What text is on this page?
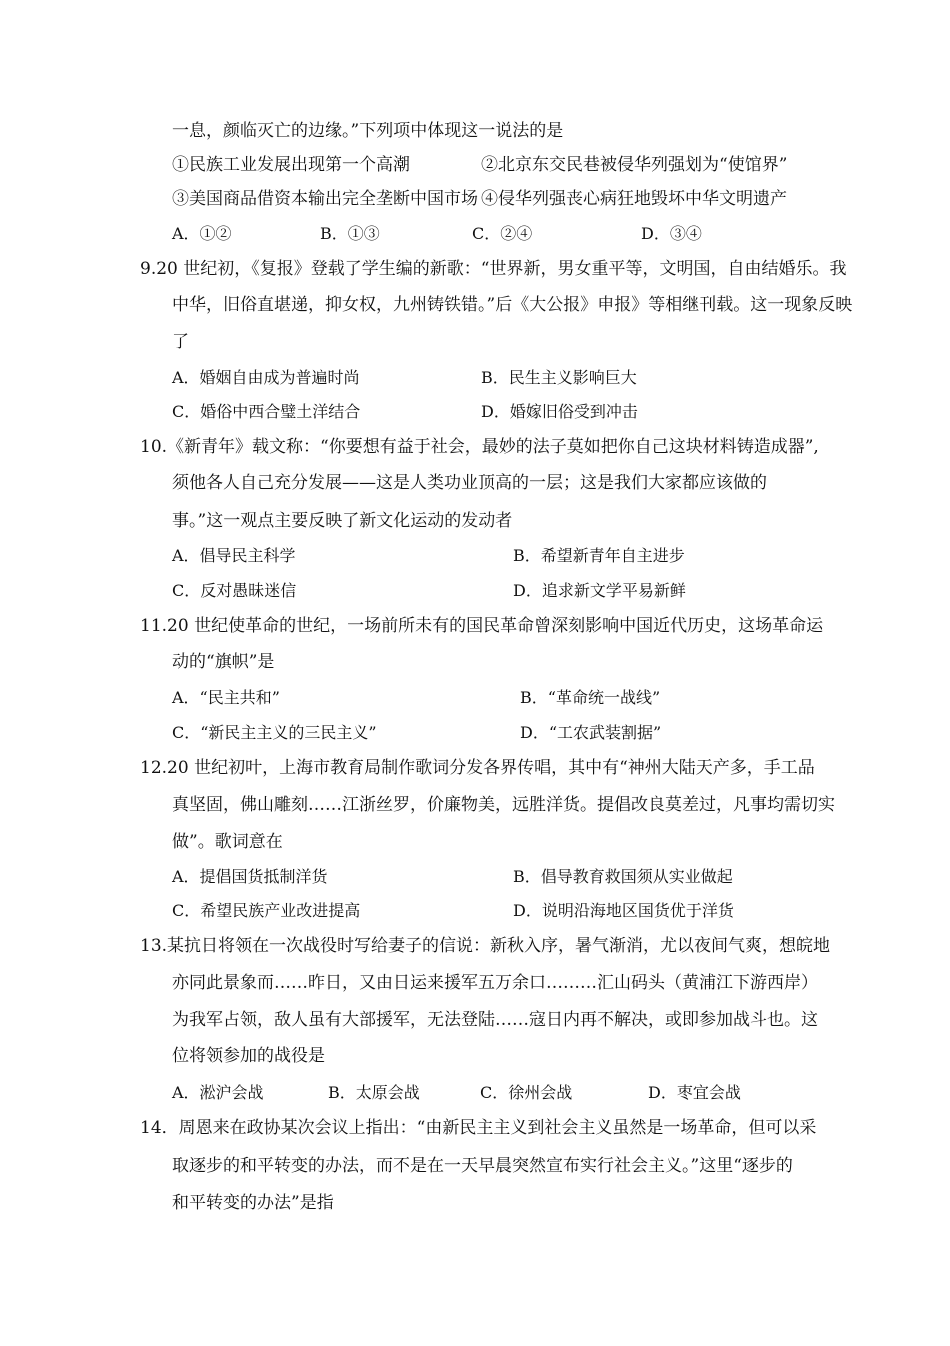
一息，颜临灭亡的边缘。”下列项中体现这一说法的是
①民族工业发展出现第一个高潮	②北京东交民巷被侵华列强划为“使馆界”
③美国商品借资本输出完全垄断中国市场 ④侵华列强丧心病狂地毁坏中华文明遗产
A．①②	B．①③	C．②④	D．③④
9.20 世纪初，《复报》登载了学生编的新歌：“世界新，男女重平等，文明国，自由结婚乐。我
中华，旧俗直堪递，抑女权，九州铸铁错。”后《大公报》申报》等相继刊载。这一现象反映
了
A．婚姻自由成为普遍时尚	B．民生主义影响巨大
C．婚俗中西合璧土洋结合	D．婚嫁旧俗受到冲击
10.《新青年》载文称：“你要想有益于社会，最妙的法子莫如把你自己这块材料铸造成器”,
须他各人自己充分发展——这是人类功业顶高的一层；这是我们大家都应该做的
事。”这一观点主要反映了新文化运动的发动者
A．倡导民主科学	B．希望新青年自主进步
C．反对愚昧迷信	D．追求新文学平易新鲜
11.20 世纪使革命的世纪，一场前所未有的国民革命曾深刻影响中国近代历史，这场革命运
动的“旗帜”是
A．“民主共和”	B．“革命统一战线”
C．“新民主主义的三民主义”	D．“工农武装割据”
12.20 世纪初叶，上海市教育局制作歌词分发各界传唱，其中有“神州大陆天产多，手工品
真坚固，佛山雕刻……江浙丝罗，价廉物美，远胜洋货。提倡改良莫差过，凡事均需切实
做”。歌词意在
A．提倡国货抵制洋货	B．倡导教育救国须从实业做起
C．希望民族产业改进提高	D．说明沿海地区国货优于洋货
13.某抗日将领在一次战役时写给妻子的信说：新秋入序，暑气渐消，尤以夜间气爽，想皖地
亦同此景象而……昨日，又由日运来援军五万余口………汇山码头（黄浦江下游西岸）
为我军占领，敌人虽有大部援军，无法登陆……寇日内再不解决，或即参加战斗也。这
位将领参加的战役是
A．淞沪会战	B．太原会战	C．徐州会战	D．枣宜会战
14．周恩来在政协某次会议上指出：“由新民主主义到社会主义虽然是一场革命，但可以采
取逐步的和平转变的办法，而不是在一天早晨突然宣布实行社会主义。”这里“逐步的
和平转变的办法”是指
